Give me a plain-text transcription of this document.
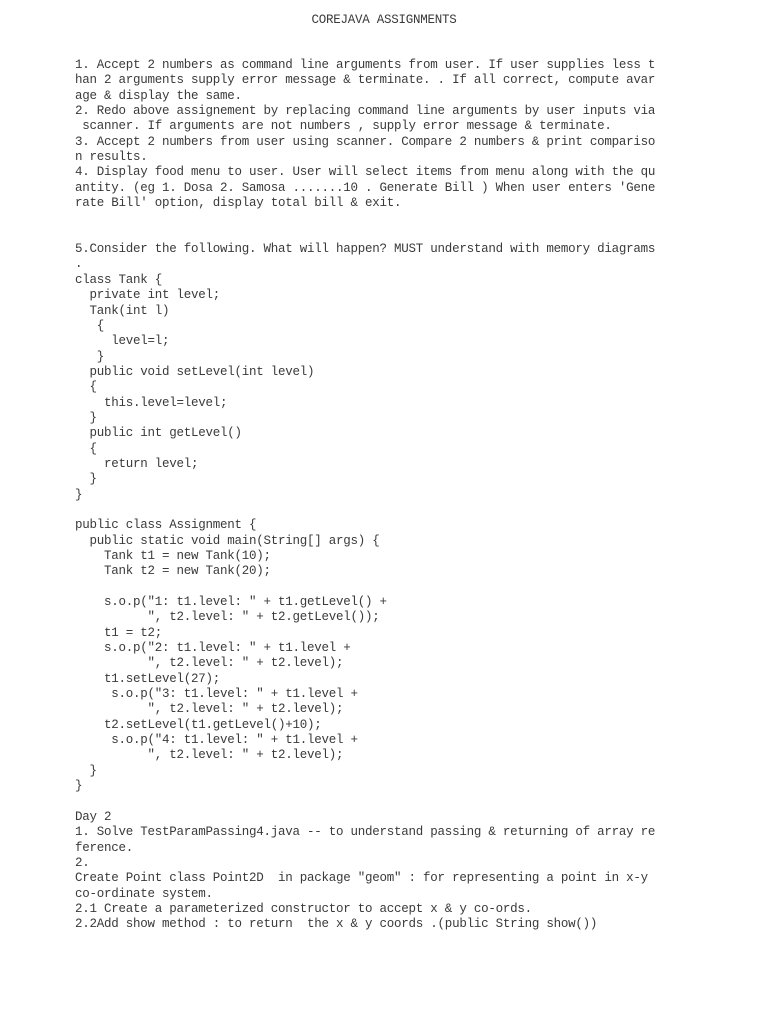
COREJAVA ASSIGNMENTS
1. Accept 2 numbers as command line arguments from user. If user supplies less t
han 2 arguments supply error message & terminate. . If all correct, compute avar
age & display the same.
2. Redo above assignement by replacing command line arguments by user inputs via
scanner. If arguments are not numbers , supply error message & terminate.
3. Accept 2 numbers from user using scanner. Compare 2 numbers & print compariso
n results.
4. Display food menu to user. User will select items from menu along with the qu
antity. (eg 1. Dosa 2. Samosa .......10 . Generate Bill ) When user enters 'Gene
rate Bill' option, display total bill & exit.
5.Consider the following. What will happen? MUST understand with memory diagrams
.
class Tank {
private int level;
Tank(int l)
{
level=l;
}
public void setLevel(int level)
{
this.level=level;
}
public int getLevel()
{
return level;
}
}
public class Assignment {
public static void main(String[] args) {
Tank t1 = new Tank(10);
Tank t2 = new Tank(20);
s.o.p("1: t1.level: " + t1.getLevel() +
", t2.level: " + t2.getLevel());
t1 = t2;
s.o.p("2: t1.level: " + t1.level +
", t2.level: " + t2.level);
t1.setLevel(27);
s.o.p("3: t1.level: " + t1.level +
", t2.level: " + t2.level);
t2.setLevel(t1.getLevel()+10);
s.o.p("4: t1.level: " + t1.level +
", t2.level: " + t2.level);
}
}
Day 2
1. Solve TestParamPassing4.java -- to understand passing & returning of array re
ference.
2.
Create Point class Point2D  in package "geom" : for representing a point in x-y
co-ordinate system.
2.1 Create a parameterized constructor to accept x & y co-ords.
2.2Add show method : to return  the x & y coords .(public String show())
